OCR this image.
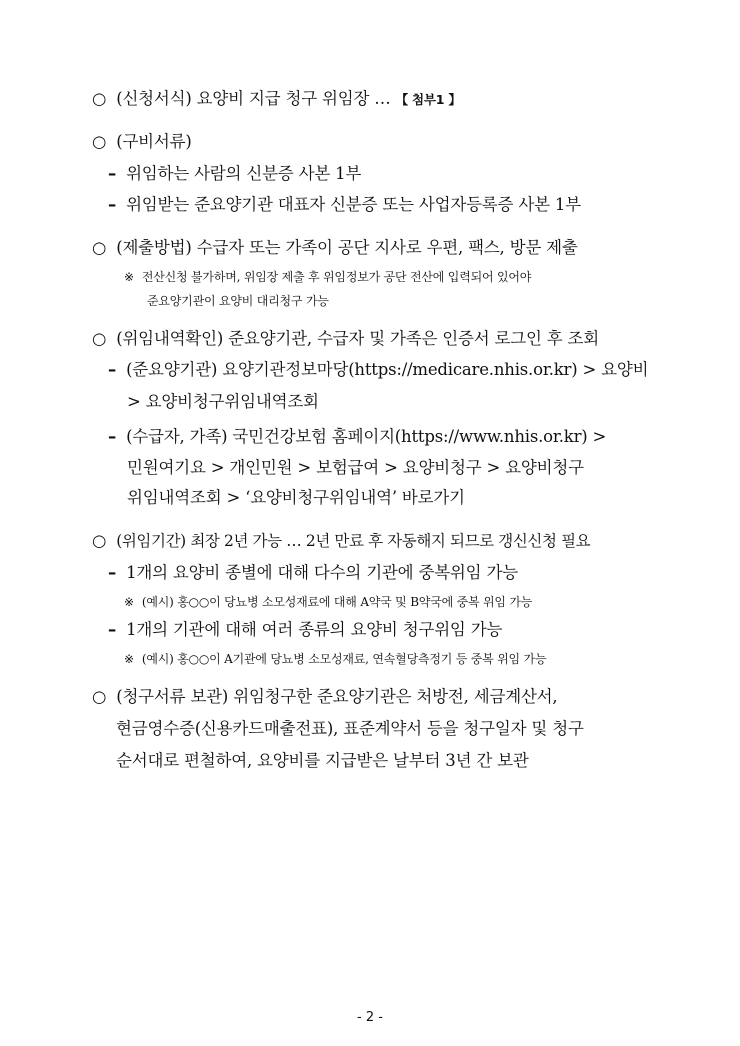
○ (신청서식) 요양비 지급 청구 위임장 … 【 첨부1 】
○ (구비서류)
– 위임하는 사람의 신분증 사본 1부
– 위임받는 준요양기관 대표자 신분증 또는 사업자등록증 사본 1부
○ (제출방법) 수급자 또는 가족이 공단 지사로 우편, 팩스, 방문 제출
※ 전산신청 불가하며, 위임장 제출 후 위임정보가 공단 전산에 입력되어 있어야
준요양기관이 요양비 대리청구 가능
○ (위임내역확인) 준요양기관, 수급자 및 가족은 인증서 로그인 후 조회
– (준요양기관) 요양기관정보마당(https://medicare.nhis.or.kr) > 요양비
> 요양비청구위임내역조회
– (수급자, 가족) 국민건강보험 홈페이지(https://www.nhis.or.kr) >
민원여기요 > 개인민원 > 보험급여 > 요양비청구 > 요양비청구
위임내역조회 > ‘요양비청구위임내역’ 바로가기
○ (위임기간) 최장 2년 가능 … 2년 만료 후 자동해지 되므로 갱신신청 필요
– 1개의 요양비 종별에 대해 다수의 기관에 중복위임 가능
※ (예시) 홍○○이 당뇨병 소모성재료에 대해 A약국 및 B약국에 중복 위임 가능
– 1개의 기관에 대해 여러 종류의 요양비 청구위임 가능
※ (예시) 홍○○이 A기관에 당뇨병 소모성재료, 연속혈당측정기 등 중복 위임 가능
○ (청구서류 보관) 위임청구한 준요양기관은 처방전, 세금계산서,
현금영수증(신용카드매출전표), 표준계약서 등을 청구일자 및 청구
순서대로 편철하여, 요양비를 지급받은 날부터 3년 간 보관
- 2 -
